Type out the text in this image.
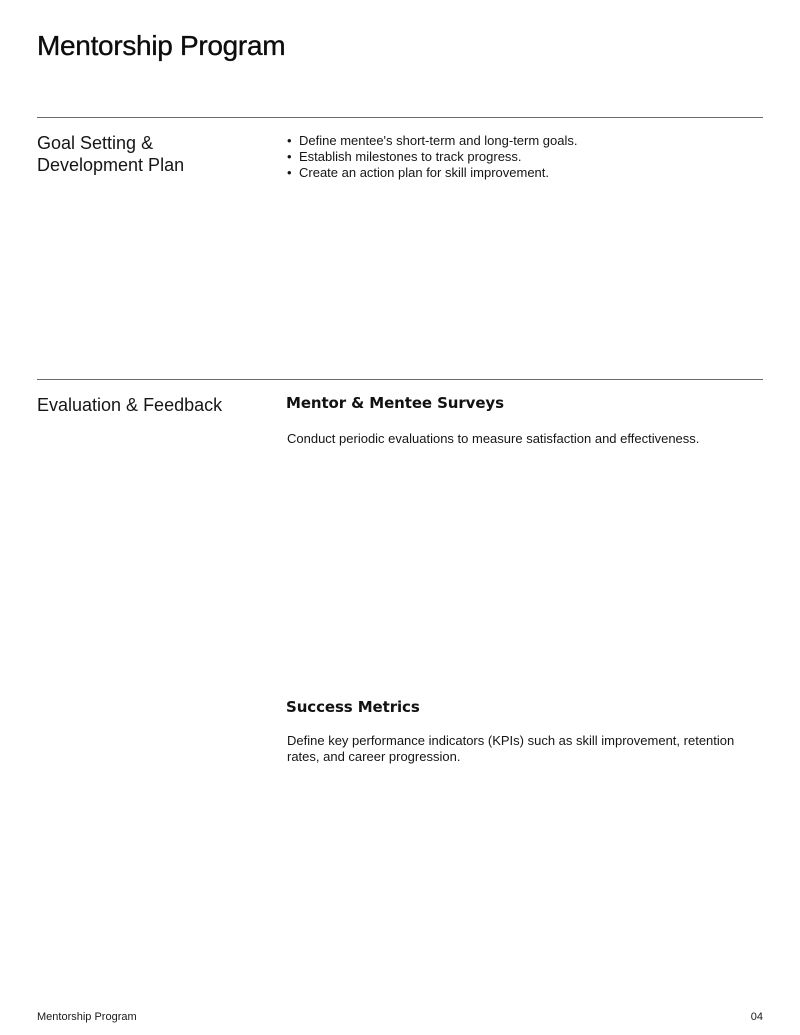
Mentorship Program
Goal Setting &
Development Plan
• Define mentee's short-term and long-term goals.
• Establish milestones to track progress.
• Create an action plan for skill improvement.
Evaluation & Feedback	Mentor & Mentee Surveys

Conduct periodic evaluations to measure satisfaction and effectiveness.

Success Metrics

Define key performance indicators (KPIs) such as skill improvement, retention rates, and career progression.

Mentorship Program	04
